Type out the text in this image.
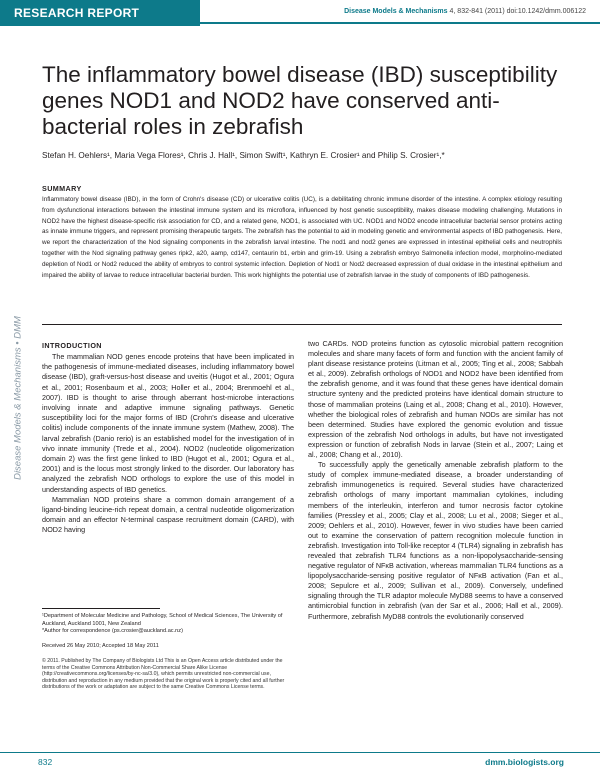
RESEARCH REPORT	Disease Models & Mechanisms 4, 832-841 (2011) doi:10.1242/dmm.006122
Disease Models & Mechanisms • DMM
The inflammatory bowel disease (IBD) susceptibility genes NOD1 and NOD2 have conserved anti-bacterial roles in zebrafish
Stefan H. Oehlers¹, Maria Vega Flores¹, Chris J. Hall¹, Simon Swift¹, Kathryn E. Crosier¹ and Philip S. Crosier¹,*
SUMMARY
Inflammatory bowel disease (IBD), in the form of Crohn's disease (CD) or ulcerative colitis (UC), is a debilitating chronic immune disorder of the intestine. A complex etiology resulting from dysfunctional interactions between the intestinal immune system and its microflora, influenced by host genetic susceptibility, makes disease modeling challenging. Mutations in NOD2 have the highest disease-specific risk association for CD, and a related gene, NOD1, is associated with UC. NOD1 and NOD2 encode intracellular bacterial sensor proteins acting as innate immune triggers, and represent promising therapeutic targets. The zebrafish has the potential to aid in modeling genetic and environmental aspects of IBD pathogenesis. Here, we report the characterization of the Nod signaling components in the zebrafish larval intestine. The nod1 and nod2 genes are expressed in intestinal epithelial cells and neutrophils together with the Nod signaling pathway genes ripk2, a20, aamp, cd147, centaurin b1, erbin and grim-19. Using a zebrafish embryo Salmonella infection model, morpholino-mediated depletion of Nod1 or Nod2 reduced the ability of embryos to control systemic infection. Depletion of Nod1 or Nod2 decreased expression of dual oxidase in the intestinal epithelium and impaired the ability of larvae to reduce intracellular bacterial burden. This work highlights the potential use of zebrafish larvae in the study of components of IBD pathogenesis.
INTRODUCTION

The mammalian NOD genes encode proteins that have been implicated in the pathogenesis of immune-mediated diseases, including inflammatory bowel disease (IBD), graft-versus-host disease and uveitis (Hugot et al., 2001; Ogura et al., 2001; Rosenbaum et al., 2003; Holler et al., 2004; Brenmoehl et al., 2007). IBD is thought to arise through aberrant host-microbe interactions involving innate and adaptive immune signaling pathways. Genetic susceptibility loci for the major forms of IBD (Crohn's disease and ulcerative colitis) include components of the innate immune system (Mathew, 2008). The larval zebrafish (Danio rerio) is an established model for the investigation of in vivo innate immunity (Trede et al., 2004). NOD2 (nucleotide oligomerization domain 2) was the first gene linked to IBD (Hugot et al., 2001; Ogura et al., 2001) and is the locus most strongly linked to the disorder. Our laboratory has analyzed the zebrafish NOD orthologs to explore the use of this model in understanding aspects of IBD genetics.

Mammalian NOD proteins share a common domain arrangement of a ligand-binding leucine-rich repeat domain, a central nucleotide oligomerization domain and an effector N-terminal caspase recruitment domain (CARD), with NOD2 having

two CARDs. NOD proteins function as cytosolic microbial pattern recognition molecules and share many facets of form and function with the ancient family of plant disease resistance proteins (Litman et al., 2005; Ting et al., 2008; Sabbah et al., 2009). Zebrafish orthologs of NOD1 and NOD2 have been identified from the zebrafish genome, and it was found that these genes have identical domain structure synteny and the predicted proteins have identical domain structure to those of mammalian proteins (Laing et al., 2008; Chang et al., 2010). However, whether the biological roles of zebrafish and human NODs are similar has not been determined. Studies have explored the genomic evolution and tissue expression of the zebrafish Nod orthologs in adults, but have not investigated expression or function of zebrafish Nods in larvae (Stein et al., 2007; Laing et al., 2008; Chang et al., 2010).

To successfully apply the genetically amenable zebrafish platform to the study of complex immune-mediated disease, a broader understanding of zebrafish immunogenetics is required. Several studies have characterized zebrafish orthologs of many important mammalian cytokines, including members of the interleukin, interferon and tumor necrosis factor cytokine families (Pressley et al., 2005; Clay et al., 2008; Lu et al., 2008; Sieger et al., 2009; Oehlers et al., 2010). However, fewer in vivo studies have been carried out to examine the conservation of pattern recognition molecule function in zebrafish. Investigation into Toll-like receptor 4 (TLR4) signaling in zebrafish has revealed that zebrafish TLR4 functions as a non-lipopolysaccharide-sensing negative regulator of NFκB activation, whereas mammalian TLR4 functions as a lipopolysaccharide-sensing positive regulator of NFκB activation (Fan et al., 2008; Sepulcre et al., 2009; Sullivan et al., 2009). Conversely, undefined signaling through the TLR adaptor molecule MyD88 seems to have a conserved antimicrobial function in zebrafish (van der Sar et al., 2006; Hall et al., 2009). Furthermore, zebrafish MyD88 controls the evolutionarily conserved

¹Department of Molecular Medicine and Pathology, School of Medical Sciences, The University of Auckland, Auckland 1001, New Zealand
*Author for correspondence (ps.crosier@auckland.ac.nz)
Received 26 May 2010; Accepted 18 May 2011
© 2011. Published by The Company of Biologists Ltd This is an Open Access article distributed under the terms of the Creative Commons Attribution Non-Commercial Share Alike License (http://creativecommons.org/licenses/by-nc-sa/3.0), which permits unrestricted non-commercial use, distribution and reproduction in any medium provided that the original work is properly cited and all further distributions of the work or adaptation are subject to the same Creative Commons License terms.
832	dmm.biologists.org
